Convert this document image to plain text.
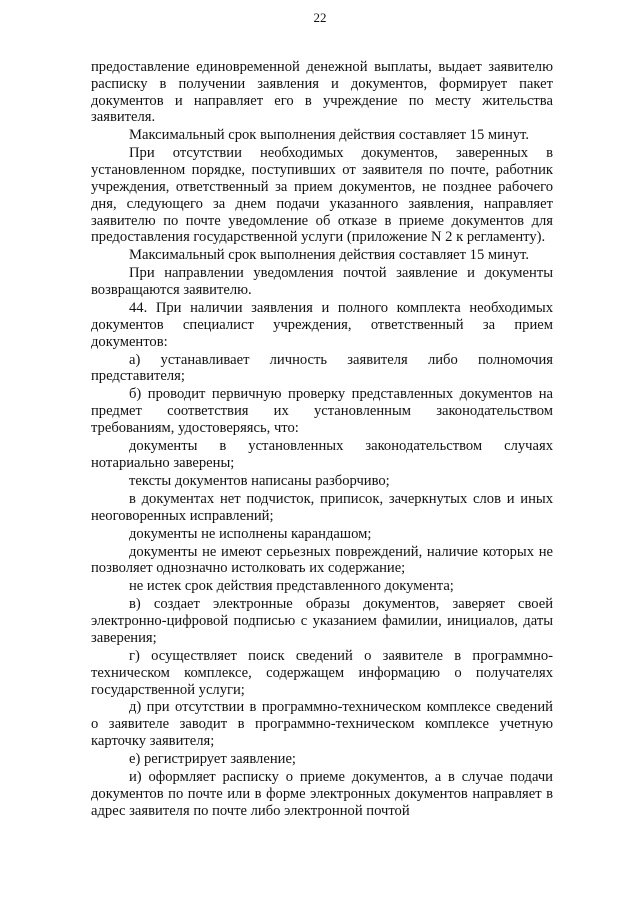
22

предоставление единовременной денежной выплаты, выдает заявителю расписку в получении заявления и документов, формирует пакет документов и направляет его в учреждение по месту жительства заявителя.

Максимальный срок выполнения действия составляет 15 минут.

При отсутствии необходимых документов, заверенных в установленном порядке, поступивших от заявителя по почте, работник учреждения, ответственный за прием документов, не позднее рабочего дня, следующего за днем подачи указанного заявления, направляет заявителю по почте уведомление об отказе в приеме документов для предоставления государственной услуги (приложение N 2 к регламенту).

Максимальный срок выполнения действия составляет 15 минут.

При направлении уведомления почтой заявление и документы возвращаются заявителю.

44. При наличии заявления и полного комплекта необходимых документов специалист учреждения, ответственный за прием документов:

а) устанавливает личность заявителя либо полномочия представителя;

б) проводит первичную проверку представленных документов на предмет соответствия их установленным законодательством требованиям, удостоверяясь, что:

документы в установленных законодательством случаях нотариально заверены;

тексты документов написаны разборчиво;

в документах нет подчисток, приписок, зачеркнутых слов и иных неоговоренных исправлений;

документы не исполнены карандашом;

документы не имеют серьезных повреждений, наличие которых не позволяет однозначно истолковать их содержание;

не истек срок действия представленного документа;

в) создает электронные образы документов, заверяет своей электронно-цифровой подписью с указанием фамилии, инициалов, даты заверения;

г) осуществляет поиск сведений о заявителе в программно-техническом комплексе, содержащем информацию о получателях государственной услуги;

д) при отсутствии в программно-техническом комплексе сведений о заявителе заводит в программно-техническом комплексе учетную карточку заявителя;

е) регистрирует заявление;

и) оформляет расписку о приеме документов, а в случае подачи документов по почте или в форме электронных документов направляет в адрес заявителя по почте либо электронной почтой
